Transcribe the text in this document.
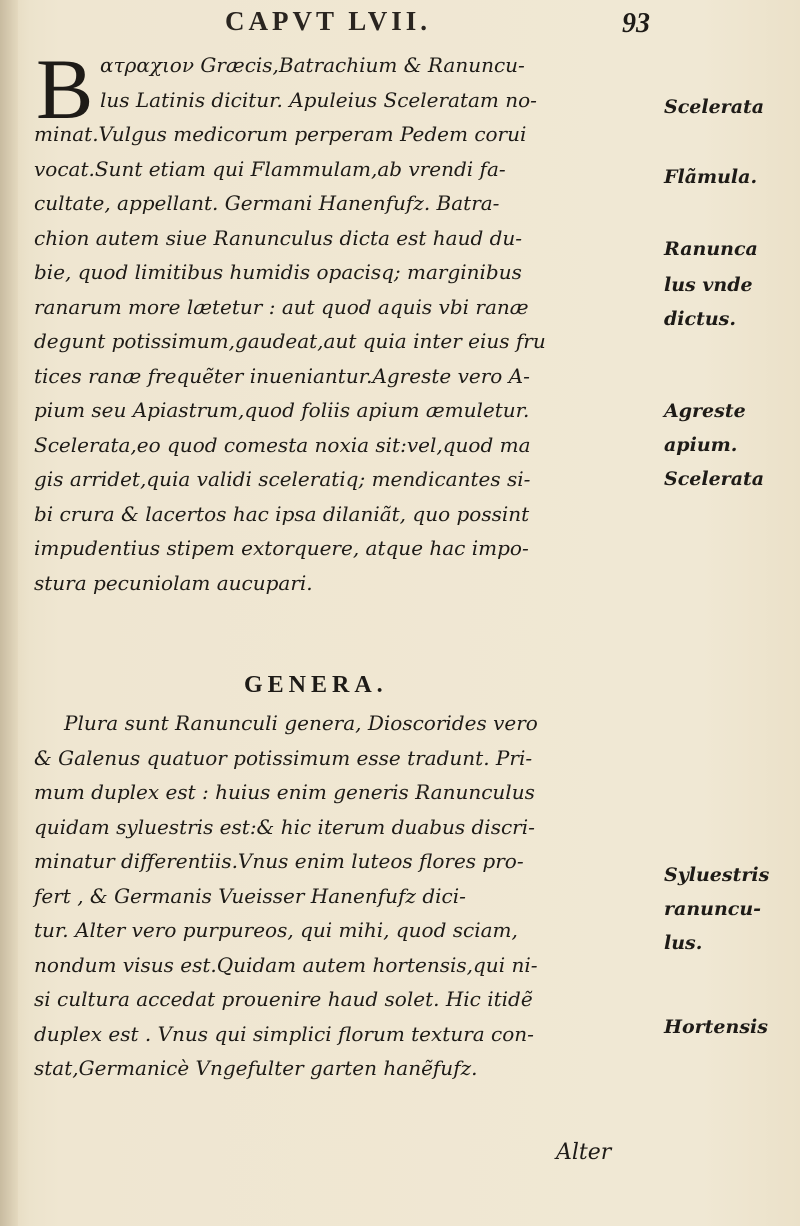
CAPVT LVII.	93
B ατραχιον Græcis,Batrachium & Ranuncu-
lus Latinis dicitur. Apuleius Sceleratam no-
minat.Vulgus medicorum perperam Pedem corui
vocat.Sunt etiam qui Flammulam,ab vrendi fa-
cultate, appellant. Germani Hanenfufz. Batra-
chion autem siue Ranunculus dicta est haud du-
bie, quod limitibus humidis opacisq; marginibus
ranarum more lætetur : aut quod aquis vbi ranæ
degunt potissimum,gaudeat,aut quia inter eius fru
tices ranæ frequẽter inueniantur.Agreste vero A-
pium seu Apiastrum,quod foliis apium æmuletur.
Scelerata,eo quod comesta noxia sit:vel,quod ma
gis arridet,quia validi sceleratiq; mendicantes si-
bi crura & lacertos hac ipsa dilaniãt, quo possint
impudentius stipem extorquere, atque hac impo-
stura pecuniolam aucupari.
GENERA.
Plura sunt Ranunculi genera, Dioscorides vero
& Galenus quatuor potissimum esse tradunt. Pri-
mum duplex est : huius enim generis Ranunculus
quidam syluestris est:& hic iterum duabus discri-
minatur differentiis.Vnus enim luteos flores pro-
fert , & Germanis Vueisser Hanenfufz dici-
tur. Alter vero purpureos, qui mihi, quod sciam,
nondum visus est.Quidam autem hortensis,qui ni-
si cultura accedat prouenire haud solet. Hic itidẽ
duplex est . Vnus qui simplici florum textura con-
stat,Germanicè Vngefulter garten hanẽfufz.
Scelerata
Flãmula.
Ranunca
lus vnde
dictus.
Agreste
apium.
Scelerata
Syluestris
ranuncu-
lus.
Hortensis
Alter
